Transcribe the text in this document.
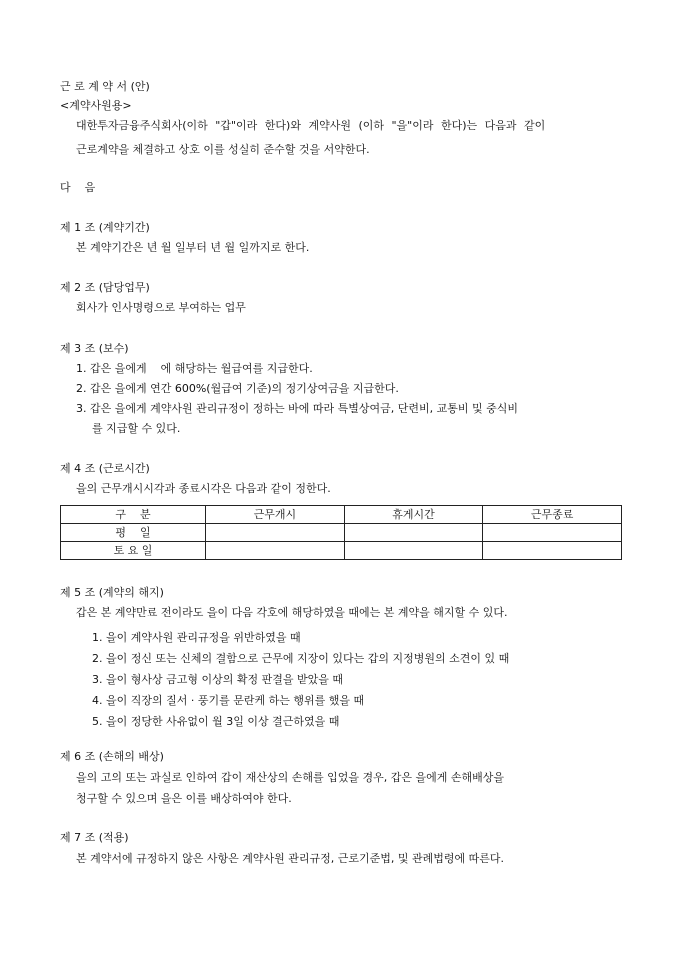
근 로 계 약 서 (안)
<계약사원용>
대한투자금융주식회사(이하 "갑"이라 한다)와 계약사원 (이하 "을"이라 한다)는 다음과 같이
근로계약을 체결하고 상호 이를 성실히 준수할 것을 서약한다.
다    음
제 1 조 (계약기간)
본 계약기간은 년 월 일부터 년 월 일까지로 한다.
제 2 조 (담당업무)
회사가 인사명령으로 부여하는 업무
제 3 조 (보수)
1. 갑은 을에게    에 해당하는 월급여를 지급한다.
2. 갑은 을에게 연간 600%(월급여 기준)의 정기상여금을 지급한다.
3. 갑은 을에게 계약사원 관리규정이 정하는 바에 따라 특별상여금, 단련비, 교통비 및 중식비
를 지급할 수 있다.
제 4 조 (근로시간)
을의 근무개시시각과 종료시각은 다음과 같이 정한다.
구    분	근무개시	휴게시간	근무종료
평    일			
토 요 일			
제 5 조 (계약의 해지)
갑은 본 계약만료 전이라도 을이 다음 각호에 해당하였을 때에는 본 계약을 해지할 수 있다.
1. 을이 계약사원 관리규정을 위반하였을 때
2. 을이 정신 또는 신체의 결함으로 근무에 지장이 있다는 갑의 지정병원의 소견이 있 때
3. 을이 형사상 금고형 이상의 확정 판결을 받았을 때
4. 을이 직장의 질서 · 풍기를 문란케 하는 행위를 했을 때
5. 을이 정당한 사유없이 월 3일 이상 결근하였을 때
제 6 조 (손해의 배상)
을의 고의 또는 과실로 인하여 갑이 재산상의 손해를 입었을 경우, 갑은 을에게 손해배상을
청구할 수 있으며 을은 이를 배상하여야 한다.
제 7 조 (적용)
본 계약서에 규정하지 않은 사항은 계약사원 관리규정, 근로기준법, 및 관례법령에 따른다.
